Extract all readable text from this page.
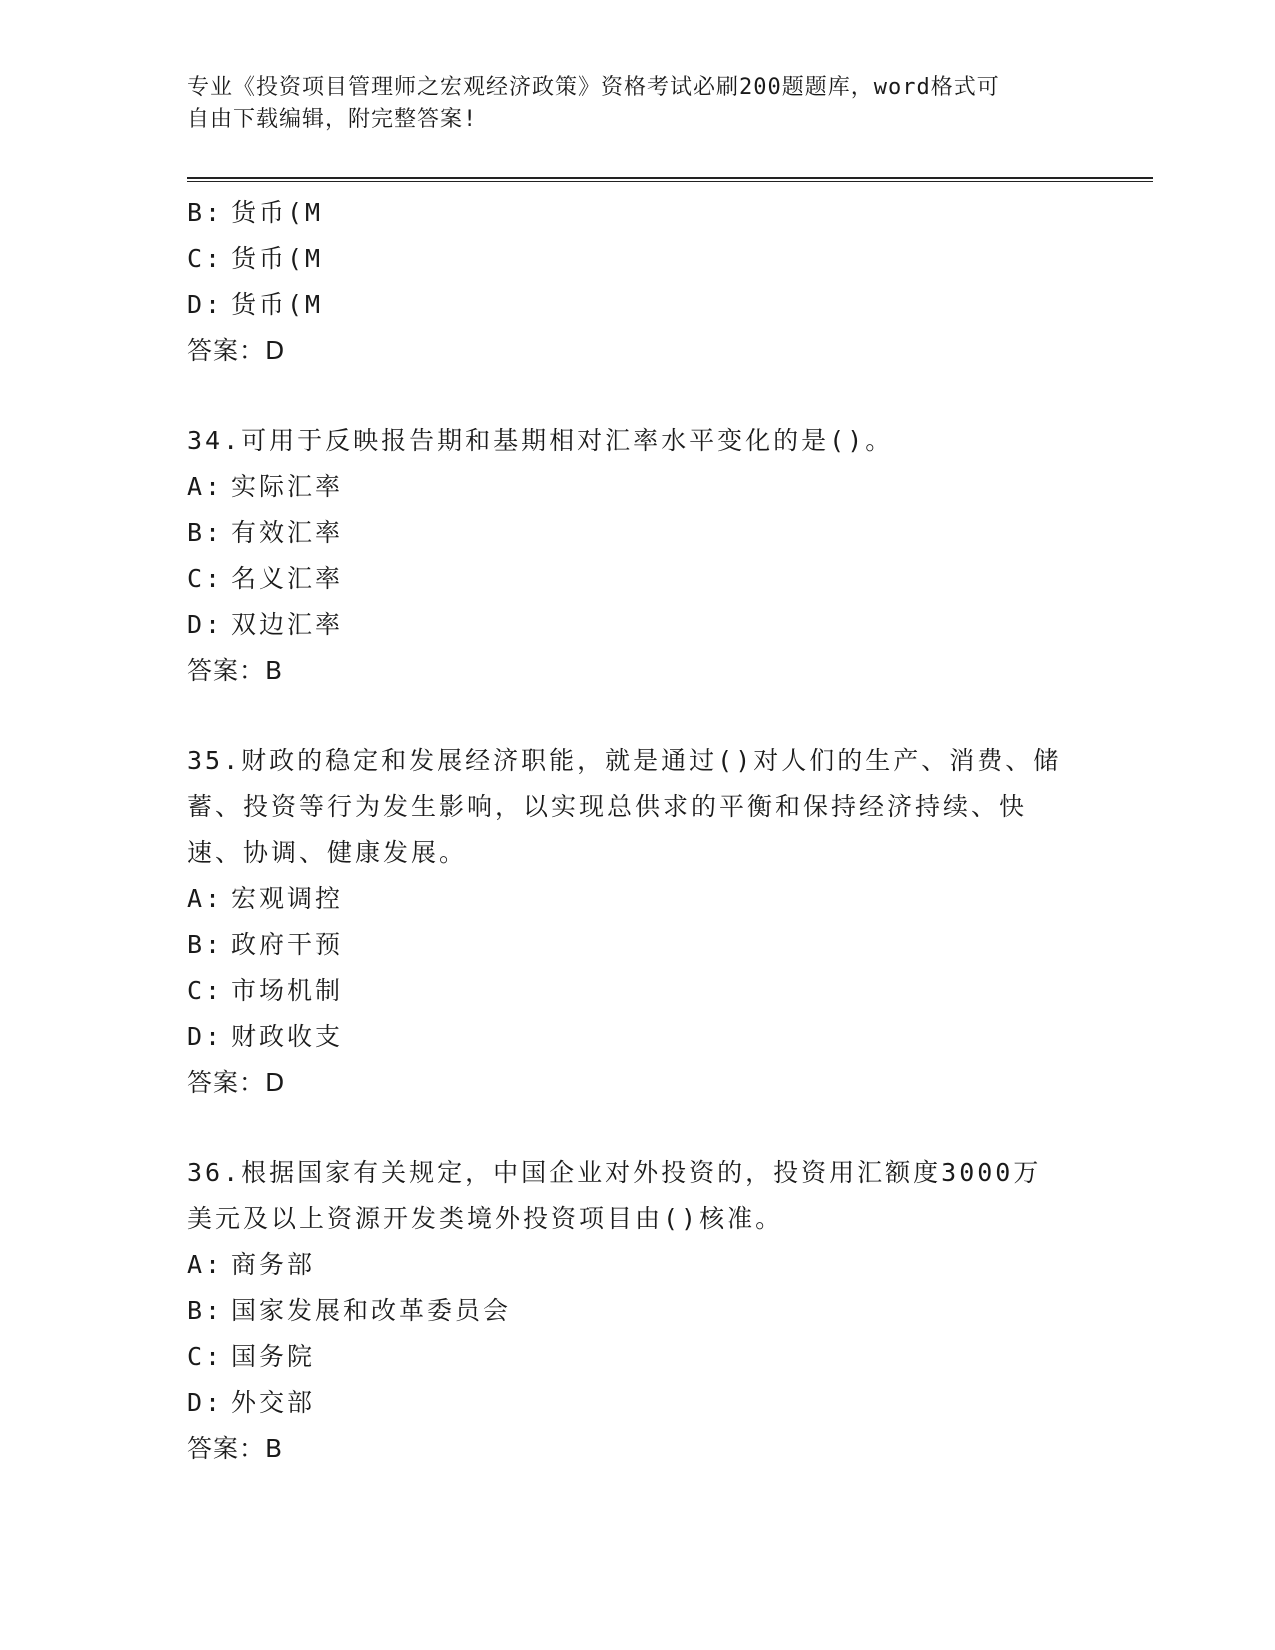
专业《投资项目管理师之宏观经济政策》资格考试必刷200题题库，word格式可
自由下载编辑，附完整答案!
B: 货币(M
C: 货币(M
D: 货币(M
答案：D
34.可用于反映报告期和基期相对汇率水平变化的是()。
A: 实际汇率
B: 有效汇率
C: 名义汇率
D: 双边汇率
答案：B
35.财政的稳定和发展经济职能，就是通过()对人们的生产、消费、储蓄、投资等行为发生影响，以实现总供求的平衡和保持经济持续、快速、协调、健康发展。
A: 宏观调控
B: 政府干预
C: 市场机制
D: 财政收支
答案：D
36.根据国家有关规定，中国企业对外投资的，投资用汇额度3000万美元及以上资源开发类境外投资项目由()核准。
A: 商务部
B: 国家发展和改革委员会
C: 国务院
D: 外交部
答案：B
